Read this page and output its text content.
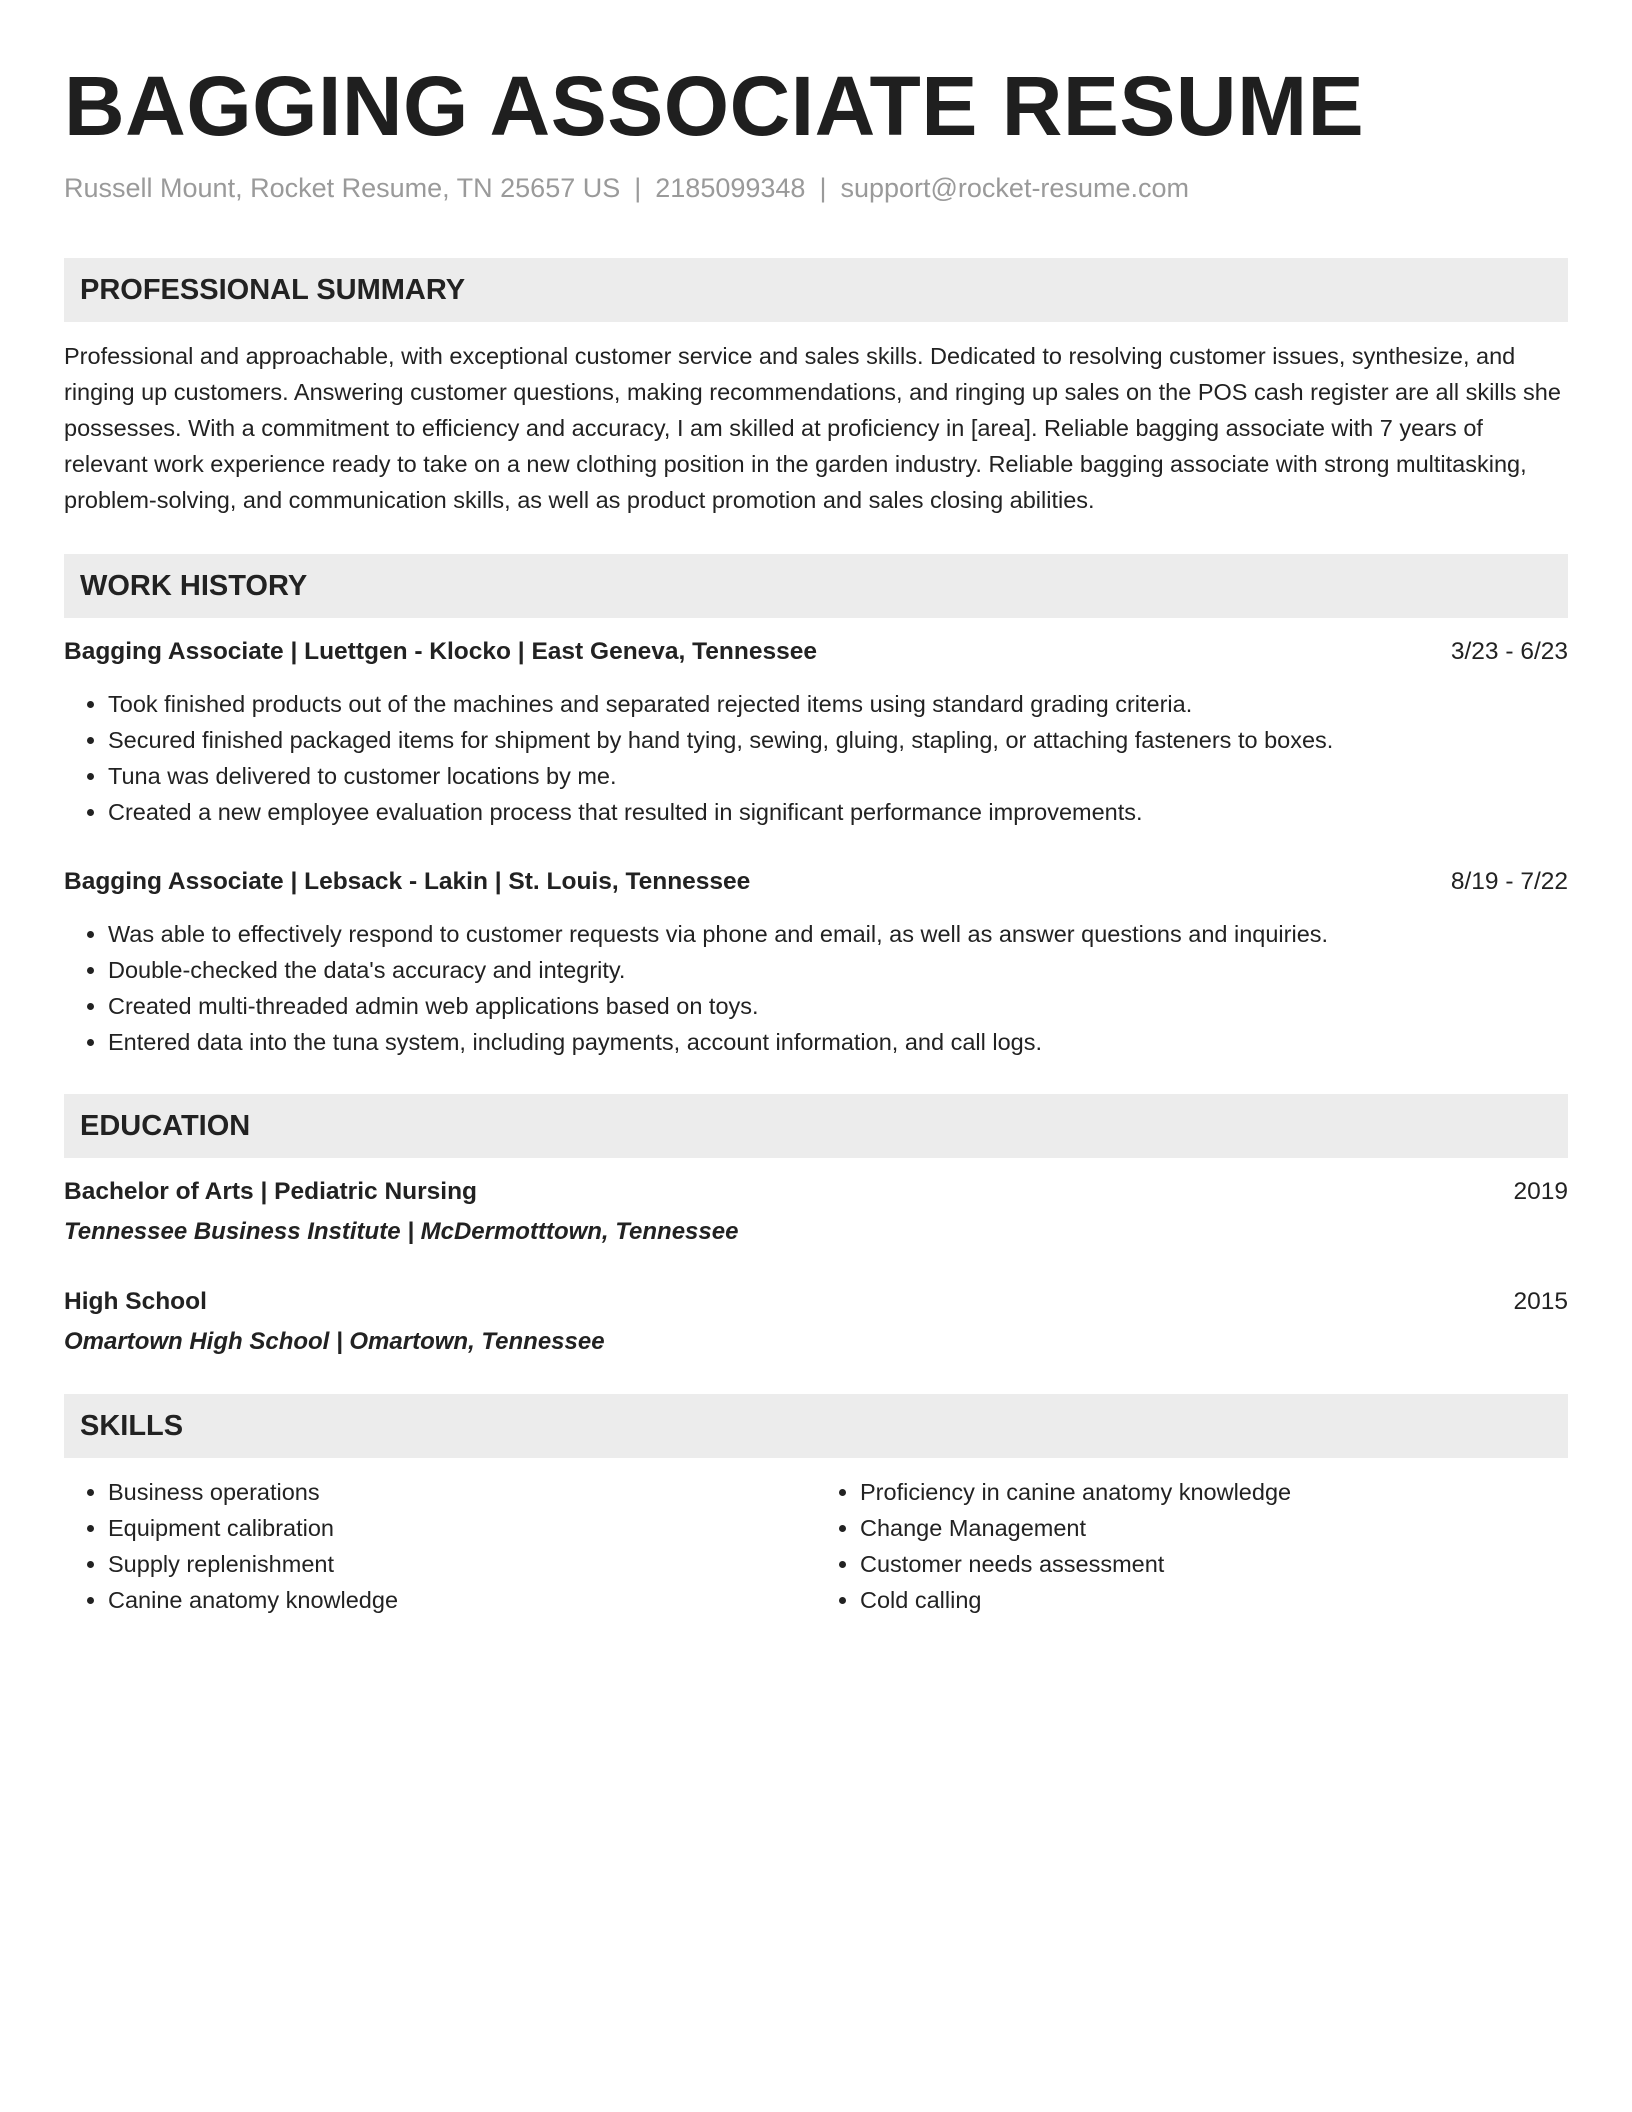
BAGGING ASSOCIATE RESUME
Russell Mount, Rocket Resume, TN 25657 US | 2185099348 | support@rocket-resume.com
PROFESSIONAL SUMMARY
Professional and approachable, with exceptional customer service and sales skills. Dedicated to resolving customer issues, synthesize, and ringing up customers. Answering customer questions, making recommendations, and ringing up sales on the POS cash register are all skills she possesses. With a commitment to efficiency and accuracy, I am skilled at proficiency in [area]. Reliable bagging associate with 7 years of relevant work experience ready to take on a new clothing position in the garden industry. Reliable bagging associate with strong multitasking, problem-solving, and communication skills, as well as product promotion and sales closing abilities.
WORK HISTORY
Bagging Associate | Luettgen - Klocko | East Geneva, Tennessee	3/23 - 6/23
• Took finished products out of the machines and separated rejected items using standard grading criteria.
• Secured finished packaged items for shipment by hand tying, sewing, gluing, stapling, or attaching fasteners to boxes.
• Tuna was delivered to customer locations by me.
• Created a new employee evaluation process that resulted in significant performance improvements.
Bagging Associate | Lebsack - Lakin | St. Louis, Tennessee	8/19 - 7/22
• Was able to effectively respond to customer requests via phone and email, as well as answer questions and inquiries.
• Double-checked the data's accuracy and integrity.
• Created multi-threaded admin web applications based on toys.
• Entered data into the tuna system, including payments, account information, and call logs.
EDUCATION
Bachelor of Arts | Pediatric Nursing	2019
Tennessee Business Institute | McDermotttown, Tennessee
High School	2015
Omartown High School | Omartown, Tennessee
SKILLS
• Business operations
• Equipment calibration
• Supply replenishment
• Canine anatomy knowledge
• Proficiency in canine anatomy knowledge
• Change Management
• Customer needs assessment
• Cold calling
